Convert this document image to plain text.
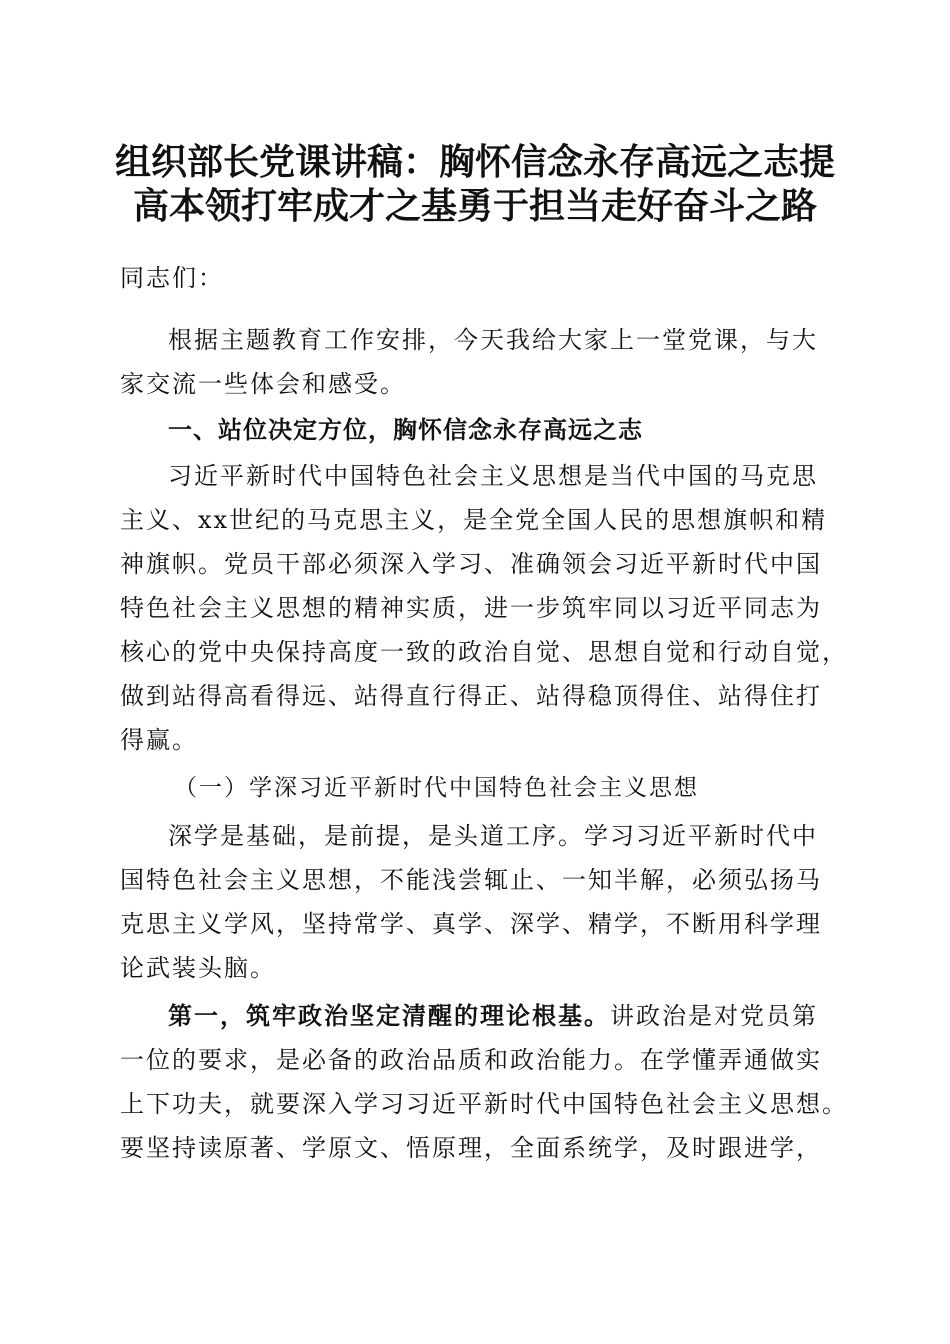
组织部长党课讲稿：胸怀信念永存高远之志提
高本领打牢成才之基勇于担当走好奋斗之路
同志们：
根据主题教育工作安排，今天我给大家上一堂党课，与大
家交流一些体会和感受。
一、站位决定方位，胸怀信念永存高远之志
习近平新时代中国特色社会主义思想是当代中国的马克思
主义、xx世纪的马克思主义，是全党全国人民的思想旗帜和精
神旗帜。党员干部必须深入学习、准确领会习近平新时代中国
特色社会主义思想的精神实质，进一步筑牢同以习近平同志为
核心的党中央保持高度一致的政治自觉、思想自觉和行动自觉，
做到站得高看得远、站得直行得正、站得稳顶得住、站得住打
得赢。
（一）学深习近平新时代中国特色社会主义思想
深学是基础，是前提，是头道工序。学习习近平新时代中
国特色社会主义思想，不能浅尝辄止、一知半解，必须弘扬马
克思主义学风，坚持常学、真学、深学、精学，不断用科学理
论武装头脑。
第一，筑牢政治坚定清醒的理论根基。讲政治是对党员第
一位的要求，是必备的政治品质和政治能力。在学懂弄通做实
上下功夫，就要深入学习习近平新时代中国特色社会主义思想。
要坚持读原著、学原文、悟原理，全面系统学，及时跟进学，
